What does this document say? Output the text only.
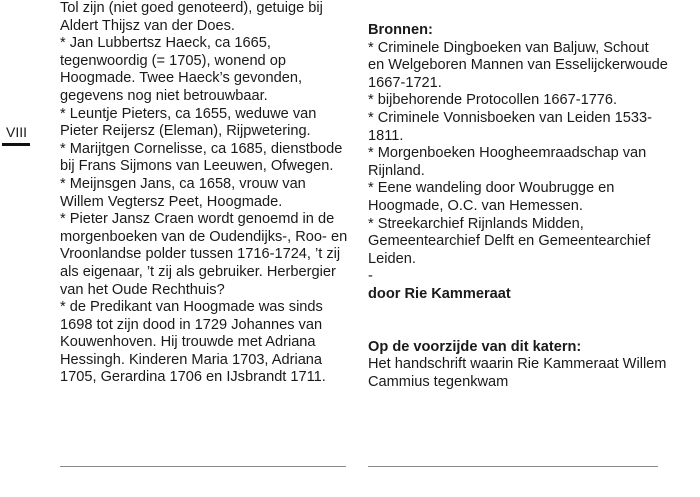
VIII

Tol zijn (niet goed genoteerd), getuige bij Aldert Thijsz van der Does.

* Jan Lubbertsz Haeck, ca 1665, tegenwoordig (= 1705), wonend op Hoogmade. Twee Haeck’s gevonden, gegevens nog niet betrouwbaar.

* Leuntje Pieters, ca 1655, weduwe van Pieter Reijersz (Eleman), Rijpwetering.

* Marijtgen Cornelisse, ca 1685, dienstbode bij Frans Sijmons van Leeuwen, Ofwegen.

* Meijnsgen Jans, ca 1658, vrouw van Willem Vegtersz Peet, Hoogmade.

* Pieter Jansz Craen wordt genoemd in de morgenboeken van de Oudendijks-, Roo- en Vroonlandse polder tussen 1716-1724, ’t zij als eigenaar, ’t zij als gebruiker. Herbergier van het Oude Rechthuis?

* de Predikant van Hoogmade was sinds 1698 tot zijn dood in 1729 Johannes van Kouwenhoven. Hij trouwde met Adriana Hessingh. Kinderen Maria 1703, Adriana 1705, Gerardina 1706 en IJsbrandt 1711.

Bronnen:

* Criminele Dingboeken van Baljuw, Schout en Welgeboren Mannen van Esselijckerwoude 1667-1721.

* bijbehorende Protocollen 1667-1776.

* Criminele Vonnisboeken van Leiden 1533-1811.

* Morgenboeken Hoogheemraadschap van Rijnland.

* Eene wandeling door Woubrugge en Hoogmade, O.C. van Hemessen.

* Streekarchief Rijnlands Midden, Gemeentearchief Delft en Gemeentearchief Leiden.

-

door Rie Kammeraat

Op de voorzijde van dit katern:

Het handschrift waarin Rie Kammeraat Willem Cammius tegenkwam
